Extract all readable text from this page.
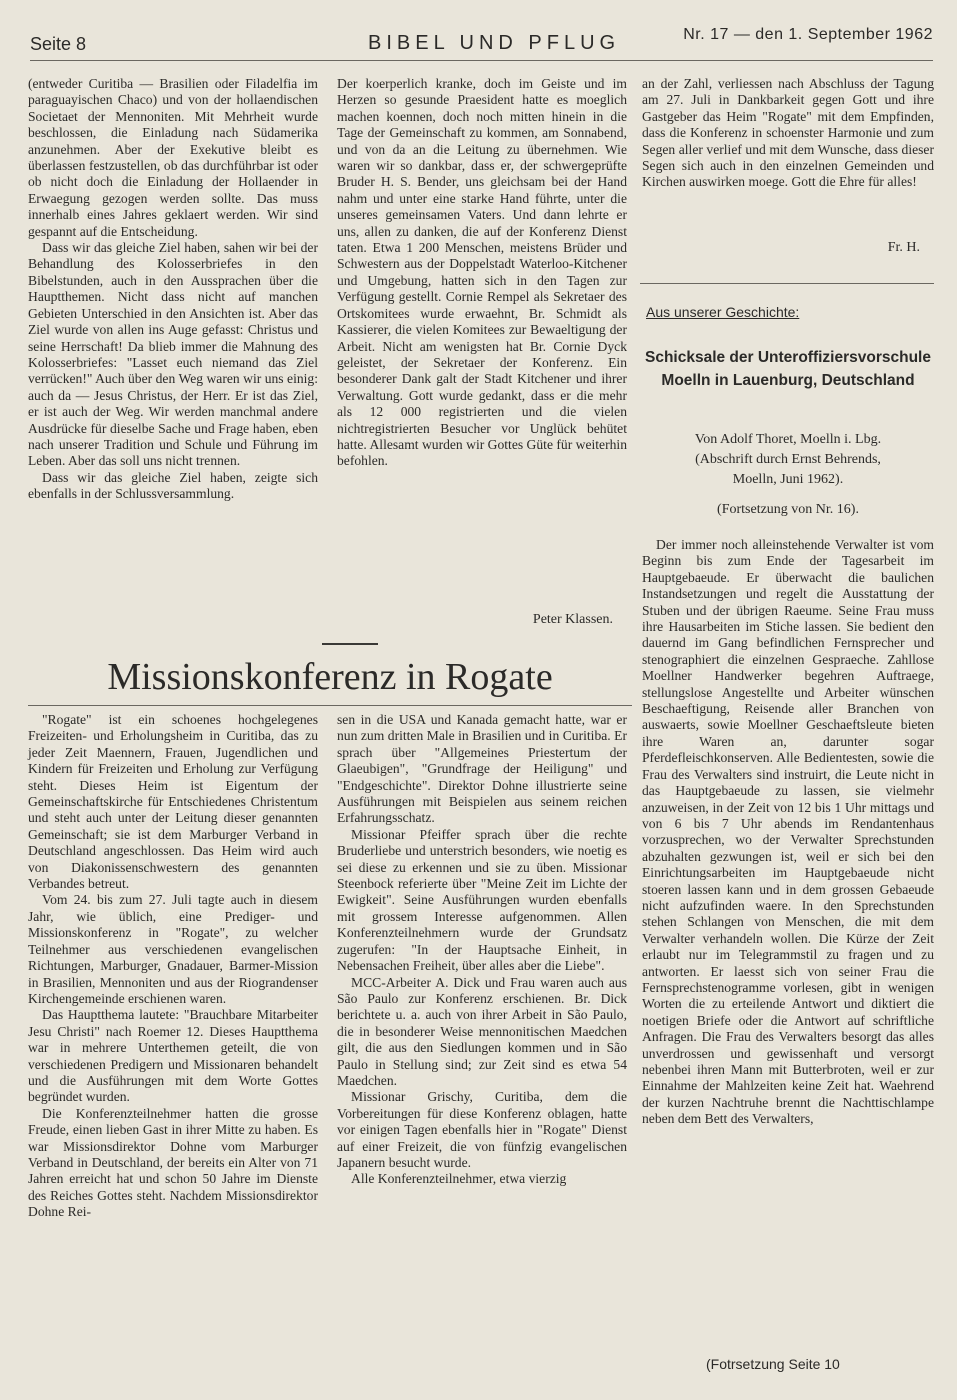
Seite 8	BIBEL UND PFLUG	Nr. 17 — den 1. September 1962

(entweder Curitiba — Brasilien oder Filadelfia im paraguayischen Chaco) und von der hollaendischen Societaet der Mennoniten. Mit Mehrheit wurde beschlossen, die Einladung nach Südamerika anzunehmen. Aber der Exekutive bleibt es überlassen festzustellen, ob das durchführbar ist oder ob nicht doch die Einladung der Hollaender in Erwaegung gezogen werden sollte. Das muss innerhalb eines Jahres geklaert werden. Wir sind gespannt auf die Entscheidung.

Dass wir das gleiche Ziel haben, sahen wir bei der Behandlung des Kolosserbriefes in den Bibelstunden, auch in den Aussprachen über die Hauptthemen. Nicht dass nicht auf manchen Gebieten Unterschied in den Ansichten ist. Aber das Ziel wurde von allen ins Auge gefasst: Christus und seine Herrschaft! Da blieb immer die Mahnung des Kolosserbriefes: "Lasset euch niemand das Ziel verrücken!" Auch über den Weg waren wir uns einig: auch da — Jesus Christus, der Herr. Er ist das Ziel, er ist auch der Weg. Wir werden manchmal andere Ausdrücke für dieselbe Sache und Frage haben, eben nach unserer Tradition und Schule und Führung im Leben. Aber das soll uns nicht trennen.

Dass wir das gleiche Ziel haben, zeigte sich ebenfalls in der Schlussversammlung.

Der koerperlich kranke, doch im Geiste und im Herzen so gesunde Praesident hatte es moeglich machen koennen, doch noch mitten hinein in die Tage der Gemeinschaft zu kommen, am Sonnabend, und von da an die Leitung zu übernehmen. Wie waren wir so dankbar, dass er, der schwergeprüfte Bruder H. S. Bender, uns gleichsam bei der Hand nahm und unter eine starke Hand führte, unter die unseres gemeinsamen Vaters. Und dann lehrte er uns, allen zu danken, die auf der Konferenz Dienst taten. Etwa 1 200 Menschen, meistens Brüder und Schwestern aus der Doppelstadt Waterloo-Kitchener und Umgebung, hatten sich in den Tagen zur Verfügung gestellt. Cornie Rempel als Sekretaer des Ortskomitees wurde erwaehnt, Br. Schmidt als Kassierer, die vielen Komitees zur Bewaeltigung der Arbeit. Nicht am wenigsten hat Br. Cornie Dyck geleistet, der Sekretaer der Konferenz. Ein besonderer Dank galt der Stadt Kitchener und ihrer Verwaltung. Gott wurde gedankt, dass er die mehr als 12 000 registrierten und die vielen nichtregistrierten Besucher vor Unglück behütet hatte. Allesamt wurden wir Gottes Güte für weiterhin befohlen.

Peter Klassen.

an der Zahl, verliessen nach Abschluss der Tagung am 27. Juli in Dankbarkeit gegen Gott und ihre Gastgeber das Heim "Rogate" mit dem Empfinden, dass die Konferenz in schoenster Harmonie und zum Segen aller verlief und mit dem Wunsche, dass dieser Segen sich auch in den einzelnen Gemeinden und Kirchen auswirken moege. Gott die Ehre für alles!

Fr. H.
Missionskonferenz in Rogate

"Rogate" ist ein schoenes hochgelegenes Freizeiten- und Erholungsheim in Curitiba, das zu jeder Zeit Maennern, Frauen, Jugendlichen und Kindern für Freizeiten und Erholung zur Verfügung steht. Dieses Heim ist Eigentum der Gemeinschaftskirche für Entschiedenes Christentum und steht auch unter der Leitung dieser genannten Gemeinschaft; sie ist dem Marburger Verband in Deutschland angeschlossen. Das Heim wird auch von Diakonissenschwestern des genannten Verbandes betreut.

Vom 24. bis zum 27. Juli tagte auch in diesem Jahr, wie üblich, eine Prediger- und Missionskonferenz in "Rogate", zu welcher Teilnehmer aus verschiedenen evangelischen Richtungen, Marburger, Gnadauer, Barmer-Mission in Brasilien, Mennoniten und aus der Riograndenser Kirchengemeinde erschienen waren.

Das Hauptthema lautete: "Brauchbare Mitarbeiter Jesu Christi" nach Roemer 12. Dieses Hauptthema war in mehrere Unterthemen geteilt, die von verschiedenen Predigern und Missionaren behandelt und die Ausführungen mit dem Worte Gottes begründet wurden.

Die Konferenzteilnehmer hatten die grosse Freude, einen lieben Gast in ihrer Mitte zu haben. Es war Missionsdirektor Dohne vom Marburger Verband in Deutschland, der bereits ein Alter von 71 Jahren erreicht hat und schon 50 Jahre im Dienste des Reiches Gottes steht. Nachdem Missionsdirektor Dohne Rei-

sen in die USA und Kanada gemacht hatte, war er nun zum dritten Male in Brasilien und in Curitiba. Er sprach über "Allgemeines Priestertum der Glaeubigen", "Grundfrage der Heiligung" und "Endgeschichte". Direktor Dohne illustrierte seine Ausführungen mit Beispielen aus seinem reichen Erfahrungsschatz.

Missionar Pfeiffer sprach über die rechte Bruderliebe und unterstrich besonders, wie noetig es sei diese zu erkennen und sie zu üben. Missionar Steenbock referierte über "Meine Zeit im Lichte der Ewigkeit". Seine Ausführungen wurden ebenfalls mit grossem Interesse aufgenommen. Allen Konferenzteilnehmern wurde der Grundsatz zugerufen: "In der Hauptsache Einheit, in Nebensachen Freiheit, über alles aber die Liebe".

MCC-Arbeiter A. Dick und Frau waren auch aus São Paulo zur Konferenz erschienen. Br. Dick berichtete u. a. auch von ihrer Arbeit in São Paulo, die in besonderer Weise mennonitischen Maedchen gilt, die aus den Siedlungen kommen und in São Paulo in Stellung sind; zur Zeit sind es etwa 54 Maedchen.

Missionar Grischy, Curitiba, dem die Vorbereitungen für diese Konferenz oblagen, hatte vor einigen Tagen ebenfalls hier in "Rogate" Dienst auf einer Freizeit, die von fünfzig evangelischen Japanern besucht wurde.

Alle Konferenzteilnehmer, etwa vierzig

Aus unserer Geschichte:
Schicksale der Unteroffiziersvorschule Moelln in Lauenburg, Deutschland
Von Adolf Thoret, Moelln i. Lbg.
(Abschrift durch Ernst Behrends,
Moelln, Juni 1962).
(Fortsetzung von Nr. 16).

Der immer noch alleinstehende Verwalter ist vom Beginn bis zum Ende der Tagesarbeit im Hauptgebaeude. Er überwacht die baulichen Instandsetzungen und regelt die Ausstattung der Stuben und der übrigen Raeume. Seine Frau muss ihre Hausarbeiten im Stiche lassen. Sie bedient den dauernd im Gang befindlichen Fernsprecher und stenographiert die einzelnen Gespraeche. Zahllose Moellner Handwerker begehren Auftraege, stellungslose Angestellte und Arbeiter wünschen Beschaeftigung, Reisende aller Branchen von auswaerts, sowie Moellner Geschaeftsleute bieten ihre Waren an, darunter sogar Pferdefleischkonserven. Alle Bedientesten, sowie die Frau des Verwalters sind instruirt, die Leute nicht in das Hauptgebaeude zu lassen, sie vielmehr anzuweisen, in der Zeit von 12 bis 1 Uhr mittags und von 6 bis 7 Uhr abends im Rendantenhaus vorzusprechen, wo der Verwalter Sprechstunden abzuhalten gezwungen ist, weil er sich bei den Einrichtungsarbeiten im Hauptgebaeude nicht stoeren lassen kann und in dem grossen Gebaeude nicht aufzufinden waere. In den Sprechstunden stehen Schlangen von Menschen, die mit dem Verwalter verhandeln wollen. Die Kürze der Zeit erlaubt nur im Telegrammstil zu fragen und zu antworten. Er laesst sich von seiner Frau die Fernsprechstenogramme vorlesen, gibt in wenigen Worten die zu erteilende Antwort und diktiert die noetigen Briefe oder die Antwort auf schriftliche Anfragen. Die Frau des Verwalters besorgt das alles unverdrossen und gewissenhaft und versorgt nebenbei ihren Mann mit Butterbroten, weil er zur Einnahme der Mahlzeiten keine Zeit hat. Waehrend der kurzen Nachtruhe brennt die Nachttischlampe neben dem Bett des Verwalters,

(Fotrsetzung Seite 10
